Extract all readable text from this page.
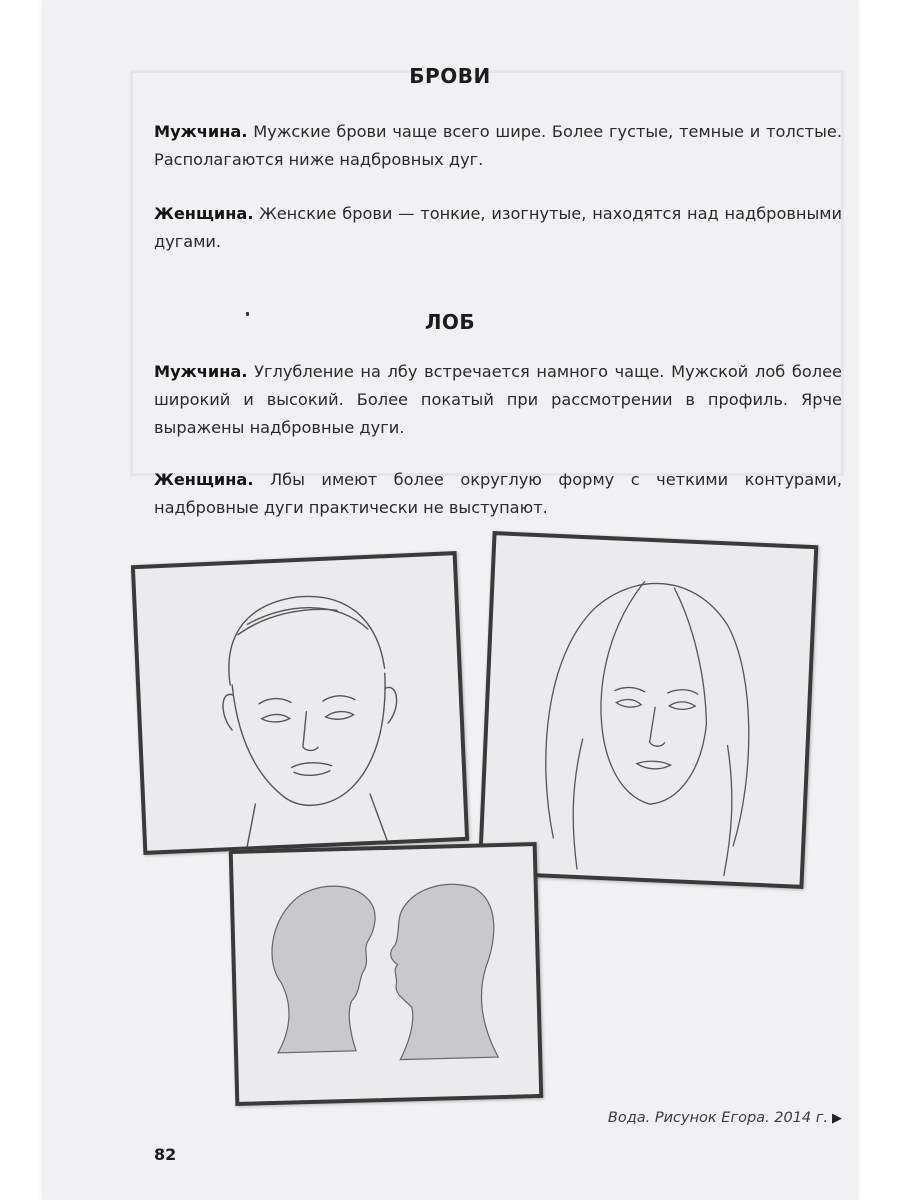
БРОВИ

Мужчина. Мужские брови чаще всего шире. Более густые, темные и толстые. Располагаются ниже надбровных дуг.

Женщина. Женские брови — тонкие, изогнутые, находятся над надбровными дугами.

ЛОБ

Мужчина. Углубление на лбу встречается намного чаще. Мужской лоб более широкий и высокий. Более покатый при рассмотрении в профиль. Ярче выражены надбровные дуги.

Женщина. Лбы имеют более округлую форму с четкими контурами, надбровные дуги практически не выступают.

Вода. Рисунок Егора. 2014 г. ▶
82
